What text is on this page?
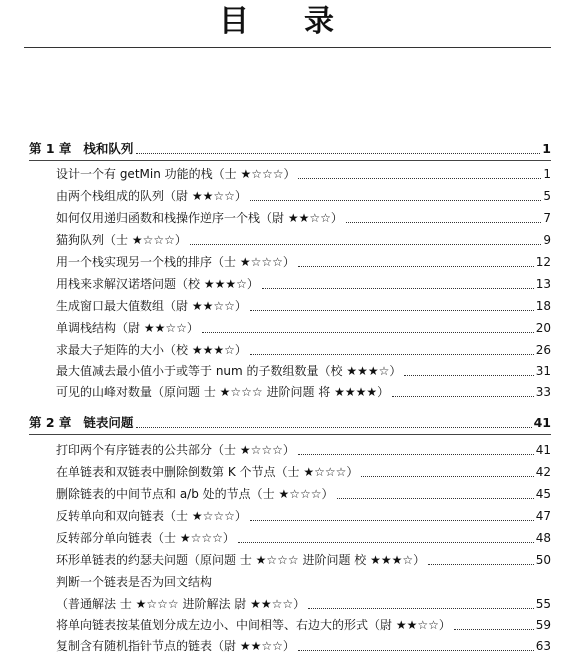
目 录
第 1 章 栈和队列	1
设计一个有 getMin 功能的栈（士 ★☆☆☆）	1
由两个栈组成的队列（尉 ★★☆☆）	5
如何仅用递归函数和栈操作逆序一个栈（尉 ★★☆☆）	7
猫狗队列（士 ★☆☆☆）	9
用一个栈实现另一个栈的排序（士 ★☆☆☆）	12
用栈来求解汉诺塔问题（校 ★★★☆）	13
生成窗口最大值数组（尉 ★★☆☆）	18
单调栈结构（尉 ★★☆☆）	20
求最大子矩阵的大小（校 ★★★☆）	26
最大值减去最小值小于或等于 num 的子数组数量（校 ★★★☆）	31
可见的山峰对数量（原问题 士 ★☆☆☆ 进阶问题 将 ★★★★）	33
第 2 章 链表问题	41
打印两个有序链表的公共部分（士 ★☆☆☆）	41
在单链表和双链表中删除倒数第 K 个节点（士 ★☆☆☆）	42
删除链表的中间节点和 a/b 处的节点（士 ★☆☆☆）	45
反转单向和双向链表（士 ★☆☆☆）	47
反转部分单向链表（士 ★☆☆☆）	48
环形单链表的约瑟夫问题（原问题 士 ★☆☆☆ 进阶问题 校 ★★★☆）	50
判断一个链表是否为回文结构
（普通解法 士 ★☆☆☆ 进阶解法 尉 ★★☆☆）	55
将单向链表按某值划分成左边小、中间相等、右边大的形式（尉 ★★☆☆）	59
复制含有随机指针节点的链表（尉 ★★☆☆）	63
